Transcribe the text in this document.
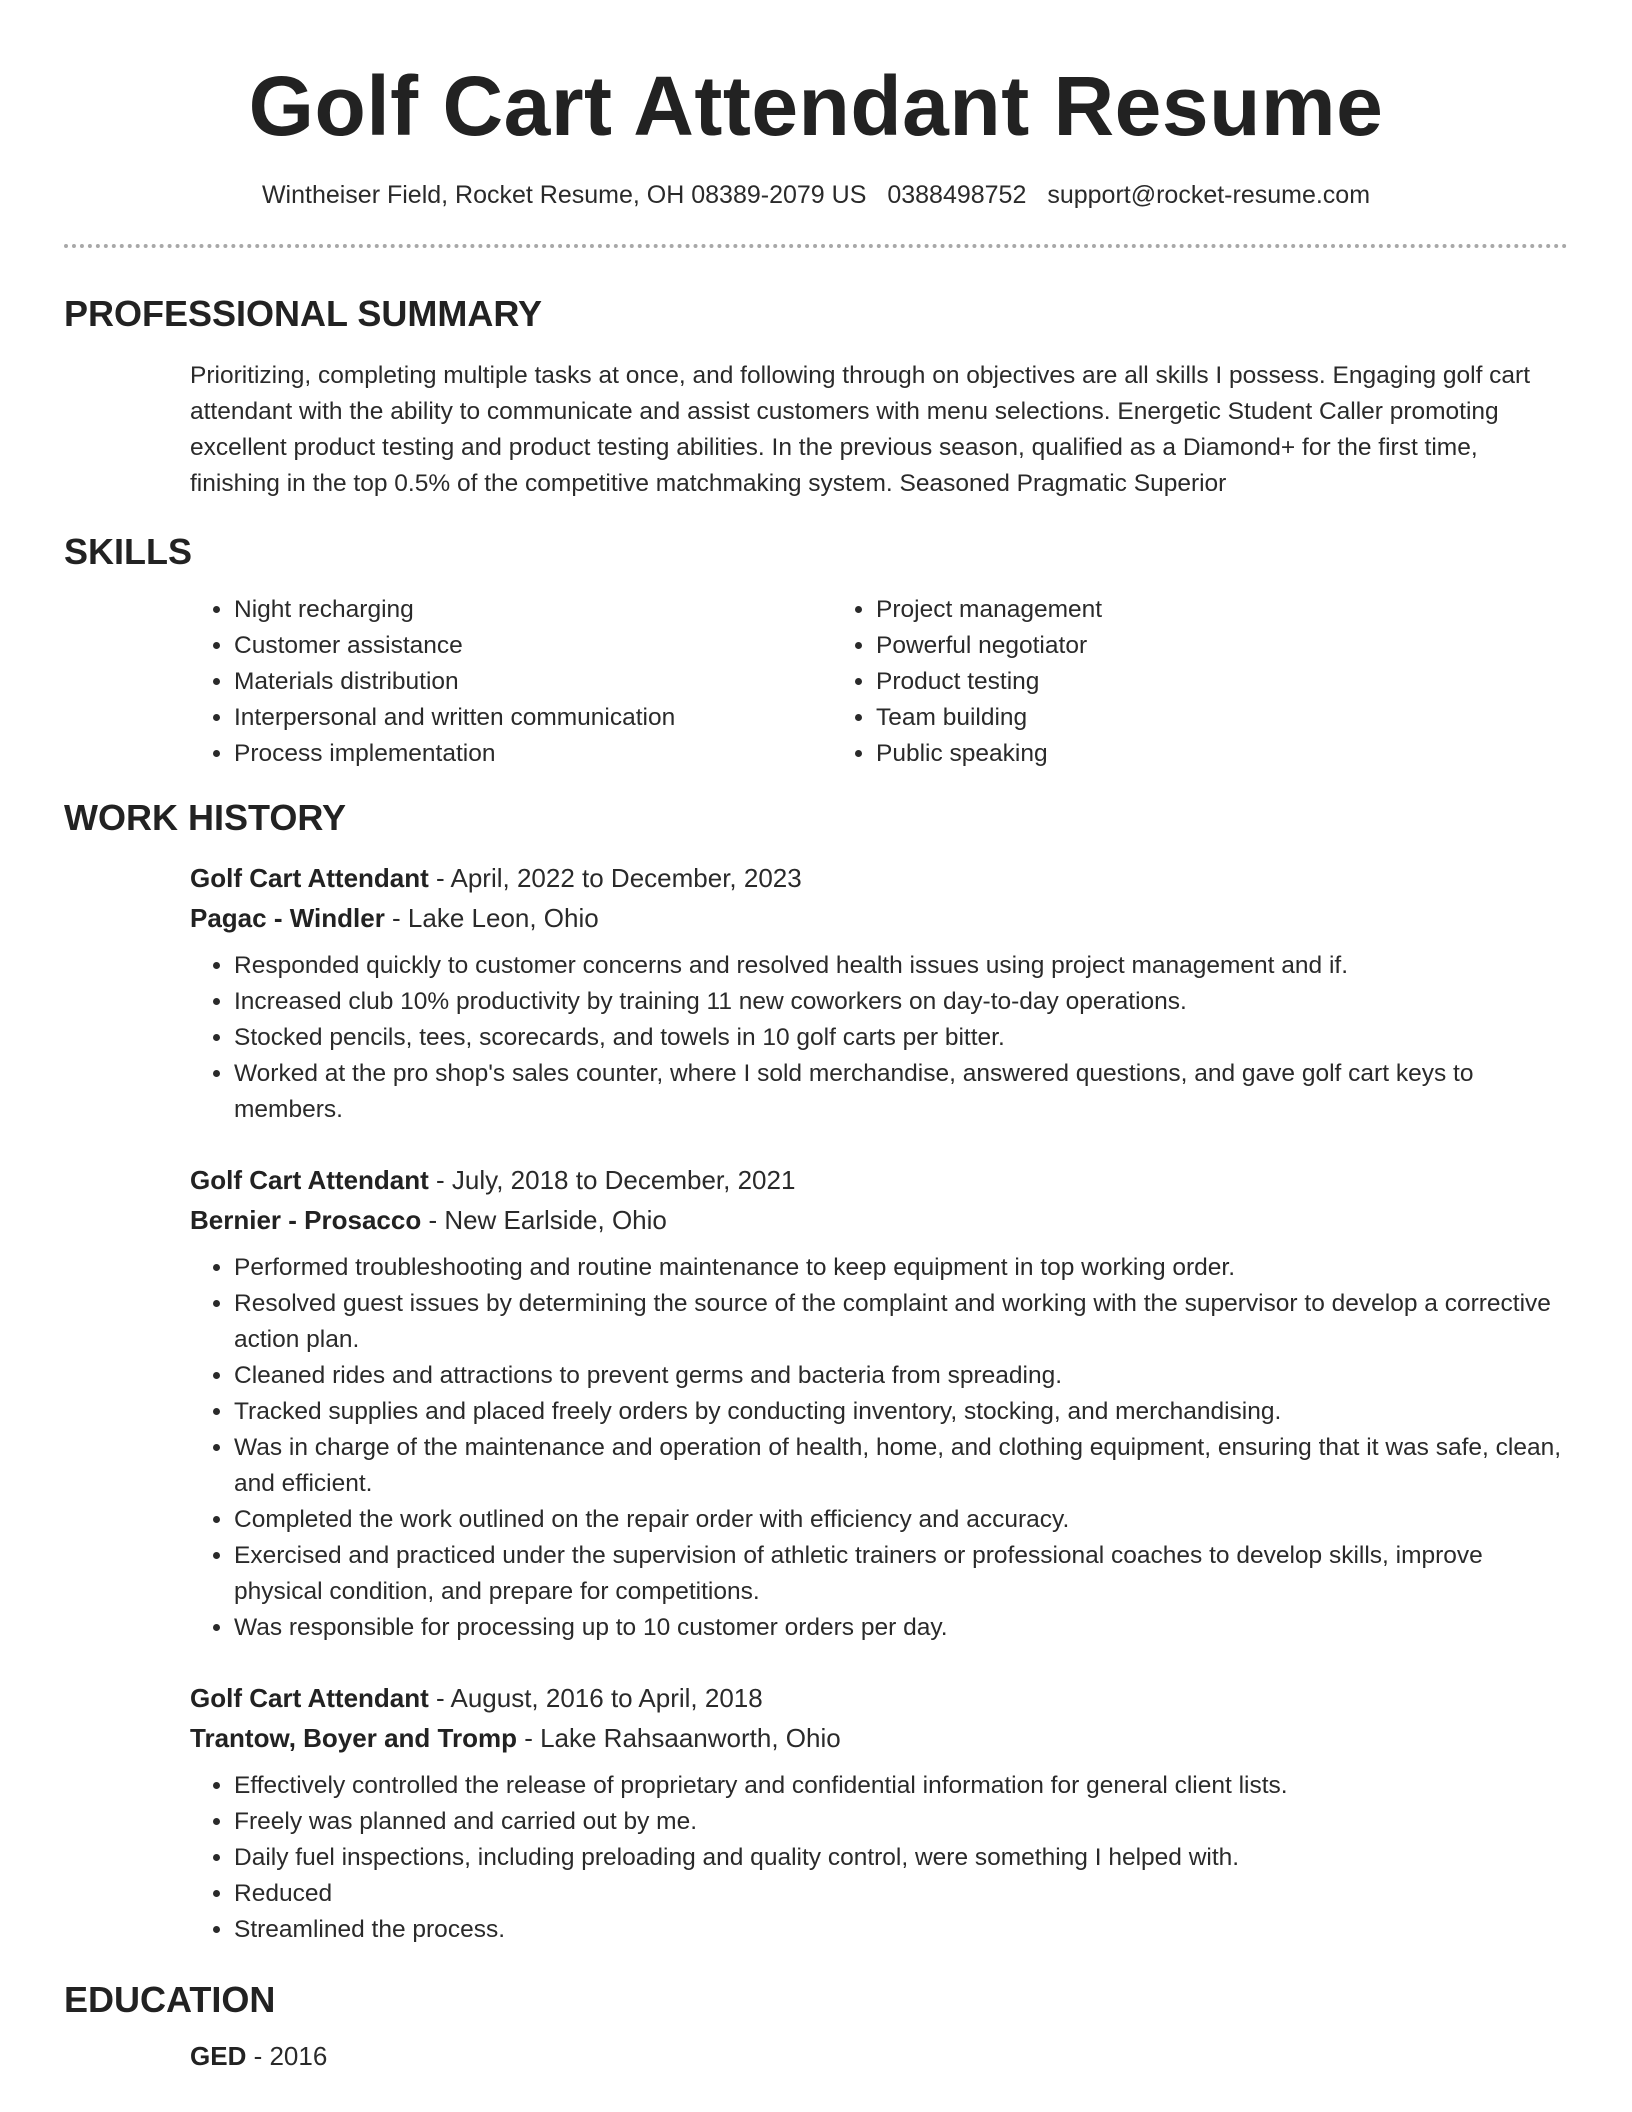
Golf Cart Attendant Resume
Wintheiser Field, Rocket Resume, OH 08389-2079 US 0388498752 support@rocket-resume.com
PROFESSIONAL SUMMARY

Prioritizing, completing multiple tasks at once, and following through on objectives are all skills I possess. Engaging golf cart attendant with the ability to communicate and assist customers with menu selections. Energetic Student Caller promoting excellent product testing and product testing abilities. In the previous season, qualified as a Diamond+ for the first time, finishing in the top 0.5% of the competitive matchmaking system. Seasoned Pragmatic Superior

SKILLS
• Night recharging
• Customer assistance
• Materials distribution
• Interpersonal and written communication
• Process implementation
• Project management
• Powerful negotiator
• Product testing
• Team building
• Public speaking
WORK HISTORY
Golf Cart Attendant - April, 2022 to December, 2023
Pagac - Windler - Lake Leon, Ohio
• Responded quickly to customer concerns and resolved health issues using project management and if.
• Increased club 10% productivity by training 11 new coworkers on day-to-day operations.
• Stocked pencils, tees, scorecards, and towels in 10 golf carts per bitter.
• Worked at the pro shop's sales counter, where I sold merchandise, answered questions, and gave golf cart keys to members.
Golf Cart Attendant - July, 2018 to December, 2021
Bernier - Prosacco - New Earlside, Ohio
• Performed troubleshooting and routine maintenance to keep equipment in top working order.
• Resolved guest issues by determining the source of the complaint and working with the supervisor to develop a corrective action plan.
• Cleaned rides and attractions to prevent germs and bacteria from spreading.
• Tracked supplies and placed freely orders by conducting inventory, stocking, and merchandising.
• Was in charge of the maintenance and operation of health, home, and clothing equipment, ensuring that it was safe, clean, and efficient.
• Completed the work outlined on the repair order with efficiency and accuracy.
• Exercised and practiced under the supervision of athletic trainers or professional coaches to develop skills, improve physical condition, and prepare for competitions.
• Was responsible for processing up to 10 customer orders per day.
Golf Cart Attendant - August, 2016 to April, 2018
Trantow, Boyer and Tromp - Lake Rahsaanworth, Ohio
• Effectively controlled the release of proprietary and confidential information for general client lists.
• Freely was planned and carried out by me.
• Daily fuel inspections, including preloading and quality control, were something I helped with.
• Reduced
• Streamlined the process.
EDUCATION
GED - 2016
